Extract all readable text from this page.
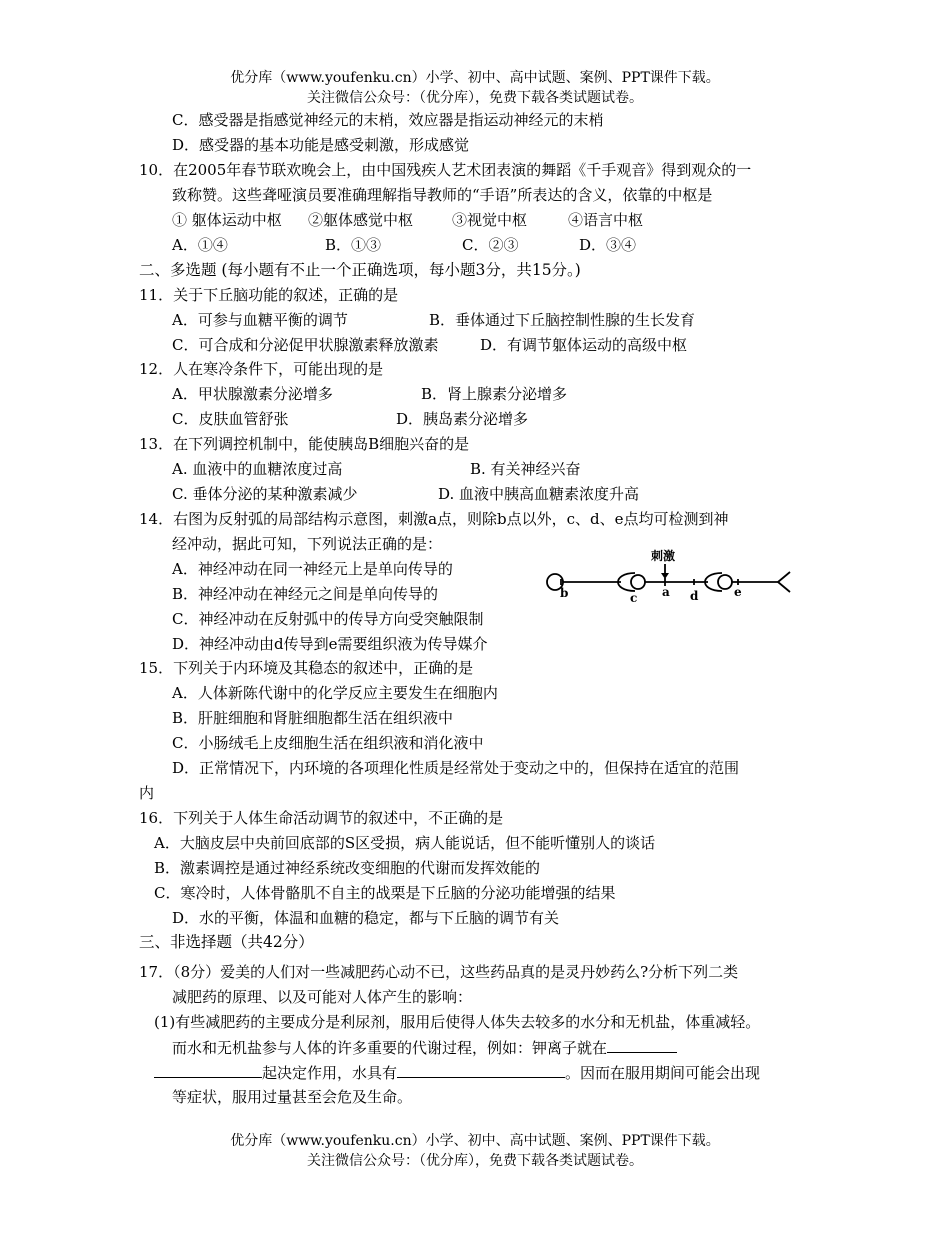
优分库（www.youfenku.cn）小学、初中、高中试题、案例、PPT课件下载。
关注微信公众号：（优分库），免费下载各类试题试卷。
C．感受器是指感觉神经元的末梢，效应器是指运动神经元的末梢
D．感受器的基本功能是感受刺激，形成感觉
10．在2005年春节联欢晚会上，由中国残疾人艺术团表演的舞蹈《千手观音》得到观众的一
致称赞。这些聋哑演员要准确理解指导教师的“手语”所表达的含义，依靠的中枢是
① 躯体运动中枢 ②躯体感觉中枢	③视觉中枢	④语言中枢
A．①④	B．①③	C．②③	D．③④
二、多选题 (每小题有不止一个正确选项，每小题3分，共15分。)
11．关于下丘脑功能的叙述，正确的是
A．可参与血糖平衡的调节	B．垂体通过下丘脑控制性腺的生长发育
C．可合成和分泌促甲状腺激素释放激素	D．有调节躯体运动的高级中枢
12．人在寒冷条件下，可能出现的是
A．甲状腺激素分泌增多	B．肾上腺素分泌增多
C．皮肤血管舒张	D．胰岛素分泌增多
13．在下列调控机制中，能使胰岛B细胞兴奋的是
A. 血液中的血糖浓度过高	B. 有关神经兴奋
C. 垂体分泌的某种激素减少	D. 血液中胰高血糖素浓度升高
14．右图为反射弧的局部结构示意图，刺激a点，则除b点以外，c、d、e点均可检测到神
经冲动，据此可知，下列说法正确的是：
A．神经冲动在同一神经元上是单向传导的
B．神经冲动在神经元之间是单向传导的
C．神经冲动在反射弧中的传导方向受突触限制
D．神经冲动由d传导到e需要组织液为传导媒介
刺激
b	c a d	e
15．下列关于内环境及其稳态的叙述中，正确的是
A．人体新陈代谢中的化学反应主要发生在细胞内
B．肝脏细胞和肾脏细胞都生活在组织液中
C．小肠绒毛上皮细胞生活在组织液和消化液中
D．正常情况下，内环境的各项理化性质是经常处于变动之中的，但保持在适宜的范围
内
16．下列关于人体生命活动调节的叙述中，不正确的是
A．大脑皮层中央前回底部的S区受损，病人能说话，但不能听懂别人的谈话
B．激素调控是通过神经系统改变细胞的代谢而发挥效能的
C．寒冷时，人体骨骼肌不自主的战栗是下丘脑的分泌功能增强的结果
D．水的平衡，体温和血糖的稳定，都与下丘脑的调节有关
三、非选择题（共42分）
17．（8分）爱美的人们对一些减肥药心动不已，这些药品真的是灵丹妙药么?分析下列二类
减肥药的原理、以及可能对人体产生的影响：
(1)有些减肥药的主要成分是利尿剂，服用后使得人体失去较多的水分和无机盐，体重减轻。
而水和无机盐参与人体的许多重要的代谢过程，例如：钾离子就在
起决定作用，水具有	。因而在服用期间可能会出现
等症状，服用过量甚至会危及生命。
优分库（www.youfenku.cn）小学、初中、高中试题、案例、PPT课件下载。
关注微信公众号：（优分库），免费下载各类试题试卷。
